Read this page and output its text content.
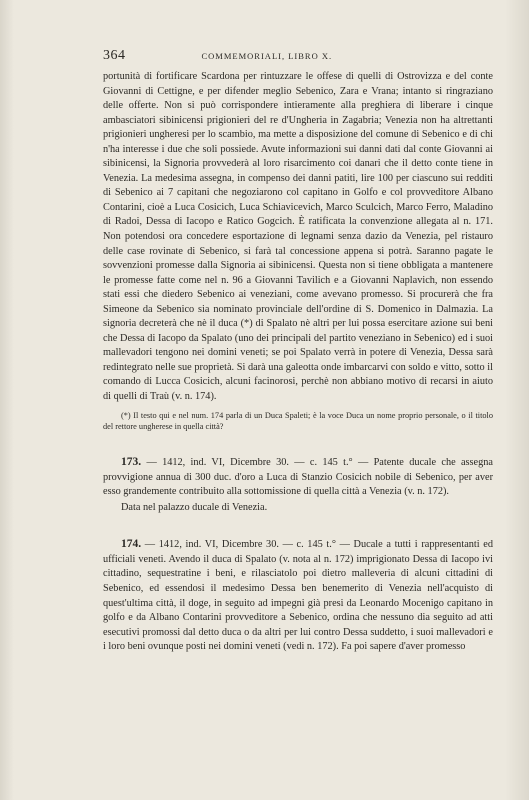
364	COMMEMORIALI, LIBRO X.

portunità di fortificare Scardona per rintuzzare le offese di quelli di Ostrovizza e del conte Giovanni di Cettigne, e per difender meglio Sebenico, Zara e Vrana; intanto si ringraziano delle offerte. Non si può corrispondere intieramente alla preghiera di liberare i cinque ambasciatori sibinicensi prigionieri del re d'Ungheria in Zagabria; Venezia non ha altrettanti prigionieri ungheresi per lo scambio, ma mette a disposizione del comune di Sebenico e di chi n'ha interesse i due che soli possiede. Avute informazioni sui danni dati dal conte Giovanni ai sibinicensi, la Signoria provvederà al loro risarcimento coi danari che il detto conte tiene in Venezia. La medesima assegna, in compenso dei danni patiti, lire 100 per ciascuno sui redditi di Sebenico ai 7 capitani che negoziarono col capitano in Golfo e col provveditore Albano Contarini, cioè a Luca Cosicich, Luca Schiavicevich, Marco Sculcich, Marco Ferro, Maladino di Radoi, Dessa di Iacopo e Ratico Gogcich. È ratificata la convenzione allegata al n. 171. Non potendosi ora concedere esportazione di legnami senza dazio da Venezia, pel ristauro delle case rovinate di Sebenico, si farà tal concessione appena si potrà. Saranno pagate le sovvenzioni promesse dalla Signoria ai sibinicensi. Questa non si tiene obbligata a mantenere le promesse fatte come nel n. 96 a Giovanni Tavilich e a Giovanni Naplavich, non essendo stati essi che diedero Sebenico ai veneziani, come avevano promesso. Si procurerà che fra Simeone da Sebenico sia nominato provinciale dell'ordine di S. Domenico in Dalmazia. La signoria decreterà che nè il duca (*) di Spalato nè altri per lui possa esercitare azione sui beni che Dessa di Iacopo da Spalato (uno dei principali del partito veneziano in Sebenico) ed i suoi mallevadori tengono nei domini veneti; se poi Spalato verrà in potere di Venezia, Dessa sarà redintegrato nelle sue proprietà. Si darà una galeotta onde imbarcarvi con soldo e vitto, sotto il comando di Lucca Cosicich, alcuni facinorosi, perchè non abbiano motivo di recarsi in aiuto di quelli di Traù (v. n. 174).

(*) Il testo qui e nel num. 174 parla di un Duca Spaleti; è la voce Duca un nome proprio personale, o il titolo del rettore ungherese in quella città?

173. — 1412, ind. VI, Dicembre 30. — c. 145 t.° — Patente ducale che assegna provvigione annua di 300 duc. d'oro a Luca di Stanzio Cosicich nobile di Sebenico, per aver esso grandemente contribuito alla sottomissione di quella città a Venezia (v. n. 172).

Data nel palazzo ducale di Venezia.

174. — 1412, ind. VI, Dicembre 30. — c. 145 t.° — Ducale a tutti i rappresentanti ed ufficiali veneti. Avendo il duca di Spalato (v. nota al n. 172) imprigionato Dessa di Iacopo ivi cittadino, sequestratine i beni, e rilasciatolo poi dietro malleveria di alcuni cittadini di Sebenico, ed essendosi il medesimo Dessa ben benemerito di Venezia nell'acquisto di quest'ultima città, il doge, in seguito ad impegni già presi da Leonardo Mocenigo capitano in golfo e da Albano Contarini provveditore a Sebenico, ordina che nessuno dia seguito ad atti esecutivi promossi dal detto duca o da altri per lui contro Dessa suddetto, i suoi mallevadori e i loro beni ovunque posti nei domini veneti (vedi n. 172). Fa poi sapere d'aver promesso
